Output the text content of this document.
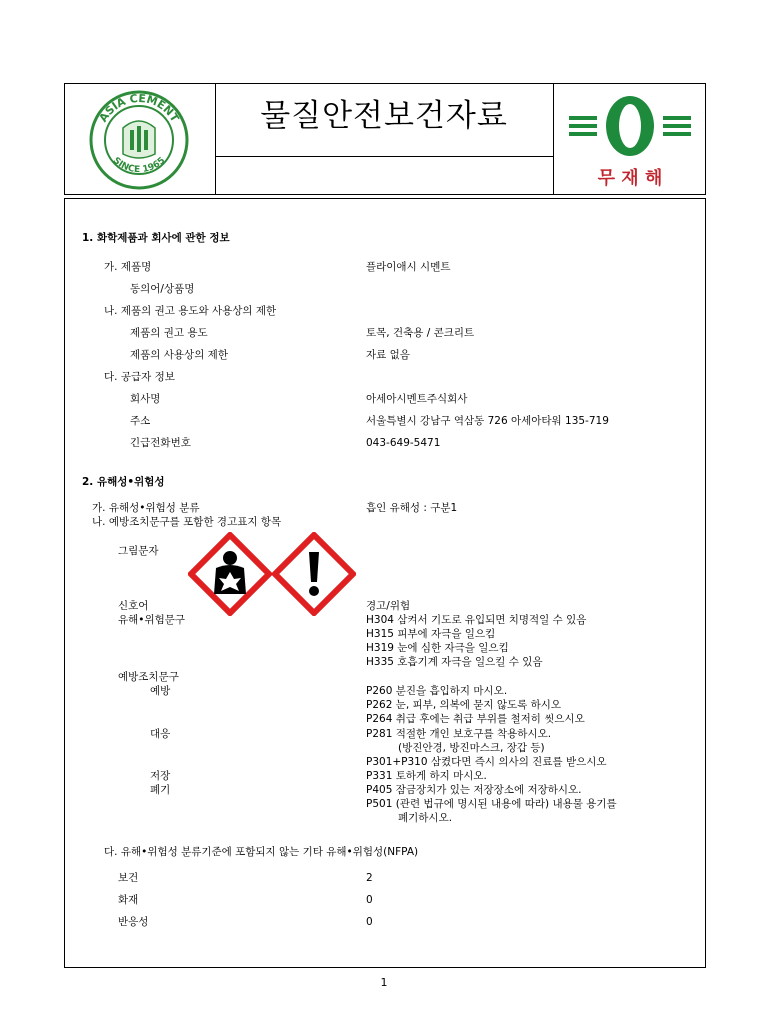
물질안전보건자료
ASIA CEMENT
SINCE 1965
무 재 해
1. 화학제품과 회사에 관한 정보
가. 제품명	플라이애시 시멘트
동의어/상품명
나. 제품의 권고 용도와 사용상의 제한
제품의 권고 용도	토목, 건축용 / 콘크리트
제품의 사용상의 제한	자료 없음
다. 공급자 정보
회사명	아세아시멘트주식회사
주소	서울특별시 강남구 역삼동 726 아세아타워 135-719
긴급전화번호	043-649-5471
2. 유해성•위험성
가. 유해성•위험성 분류	흡인 유해성 : 구분1
나. 예방조치문구를 포함한 경고표지 항목
그림문자
신호어	경고/위험
유해•위험문구	H304 삼켜서 기도로 유입되면 치명적일 수 있음
H315 피부에 자극을 일으킴
H319 눈에 심한 자극을 일으킴
H335 호흡기계 자극을 일으킬 수 있음
예방조치문구
예방	P260 분진을 흡입하지 마시오.
P262 눈, 피부, 의복에 묻지 않도록 하시오
P264 취급 후에는 취급 부위를 철저히 씻으시오
대응	P281 적절한 개인 보호구를 착용하시오.
(방진안경, 방진마스크, 장갑 등)
P301+P310 삼켰다면 즉시 의사의 진료를 받으시오
저장	P331 토하게 하지 마시오.
폐기	P405 잠금장치가 있는 저장장소에 저장하시오.
P501 (관련 법규에 명시된 내용에 따라) 내용물 용기를
폐기하시오.
다. 유해•위험성 분류기준에 포함되지 않는 기타 유해•위험성(NFPA)
보건	2
화재	0
반응성	0
1
